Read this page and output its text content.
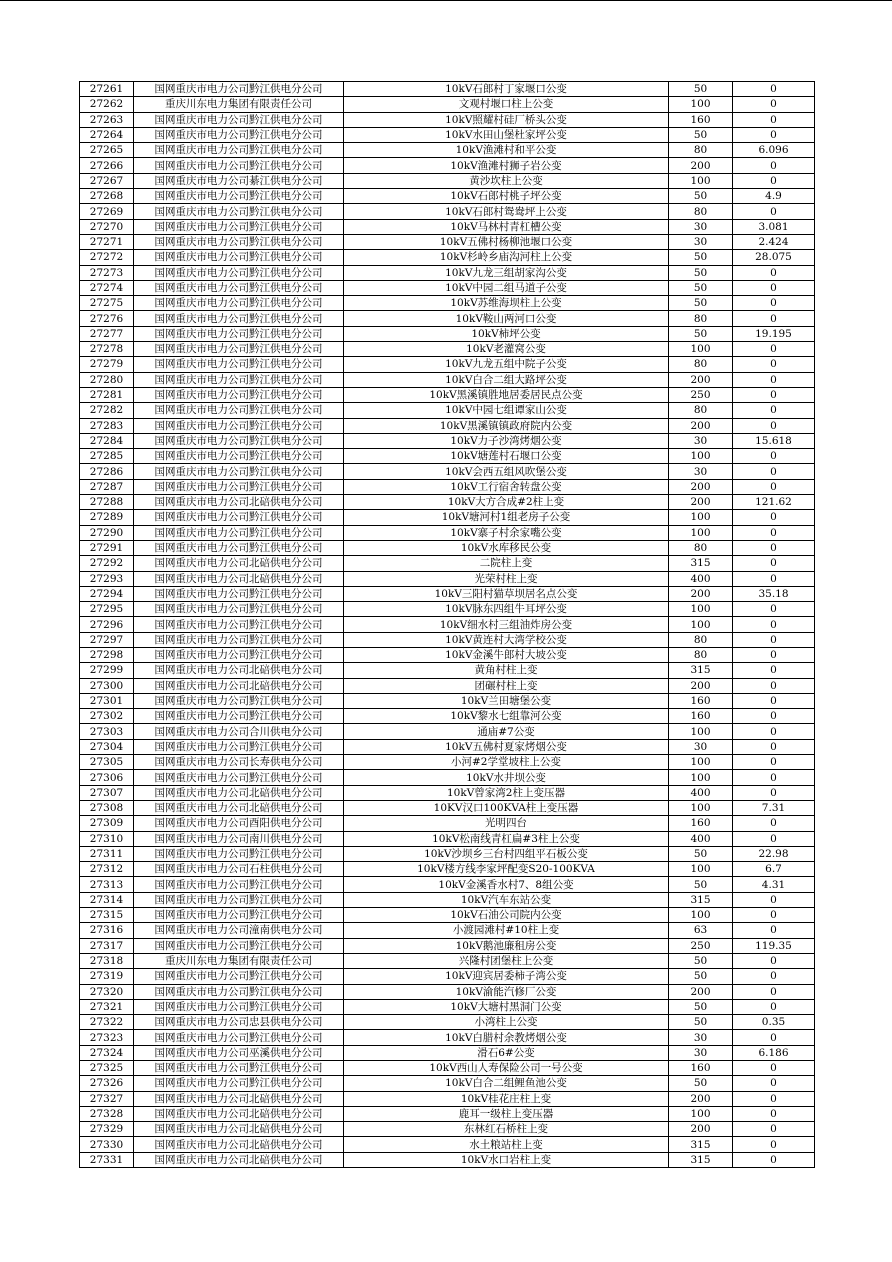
27261	国网重庆市电力公司黔江供电分公司	10kV石郎村丁家堰口公变	50	0
27262	重庆川东电力集团有限责任公司	文观村堰口柱上公变	100	0
27263	国网重庆市电力公司黔江供电分公司	10kV照耀村硅厂桥头公变	160	0
27264	国网重庆市电力公司黔江供电分公司	10kV水田山堡杜家坪公变	50	0
27265	国网重庆市电力公司黔江供电分公司	10kV渔滩村和平公变	80	6.096
27266	国网重庆市电力公司黔江供电分公司	10kV渔滩村狮子岩公变	200	0
27267	国网重庆市电力公司綦江供电分公司	黄沙坎柱上公变	100	0
27268	国网重庆市电力公司黔江供电分公司	10kV石郎村桃子坪公变	50	4.9
27269	国网重庆市电力公司黔江供电分公司	10kV石郎村鸳鸯坪上公变	80	0
27270	国网重庆市电力公司黔江供电分公司	10kV马林村青杠槽公变	30	3.081
27271	国网重庆市电力公司黔江供电分公司	10kV五佛村杨柳池堰口公变	30	2.424
27272	国网重庆市电力公司黔江供电分公司	10kV杉岭乡庙沟河柱上公变	50	28.075
27273	国网重庆市电力公司黔江供电分公司	10kV九龙三组胡家沟公变	50	0
27274	国网重庆市电力公司黔江供电分公司	10kV中园二组马道子公变	50	0
27275	国网重庆市电力公司黔江供电分公司	10kV苏维海坝柱上公变	50	0
27276	国网重庆市电力公司黔江供电分公司	10kV鞍山两河口公变	80	0
27277	国网重庆市电力公司黔江供电分公司	10kV柿坪公变	50	19.195
27278	国网重庆市电力公司黔江供电分公司	10kV老灌窝公变	100	0
27279	国网重庆市电力公司黔江供电分公司	10kV九龙五组中院子公变	80	0
27280	国网重庆市电力公司黔江供电分公司	10kV白合二组大路坪公变	200	0
27281	国网重庆市电力公司黔江供电分公司	10kV黑溪镇胜地居委居民点公变	250	0
27282	国网重庆市电力公司黔江供电分公司	10kV中园七组谭家山公变	80	0
27283	国网重庆市电力公司黔江供电分公司	10kV黑溪镇镇政府院内公变	200	0
27284	国网重庆市电力公司黔江供电分公司	10kV力子沙湾烤烟公变	30	15.618
27285	国网重庆市电力公司黔江供电分公司	10kV塘莲村石堰口公变	100	0
27286	国网重庆市电力公司黔江供电分公司	10kV会西五组风吹堡公变	30	0
27287	国网重庆市电力公司黔江供电分公司	10kV工行宿舍转盘公变	200	0
27288	国网重庆市电力公司北碚供电分公司	10kV大方合成#2柱上变	200	121.62
27289	国网重庆市电力公司黔江供电分公司	10kV塘河村1组老房子公变	100	0
27290	国网重庆市电力公司黔江供电分公司	10kV寨子村余家嘴公变	100	0
27291	国网重庆市电力公司黔江供电分公司	10kV水库移民公变	80	0
27292	国网重庆市电力公司北碚供电分公司	二院柱上变	315	0
27293	国网重庆市电力公司北碚供电分公司	光荣村柱上变	400	0
27294	国网重庆市电力公司黔江供电分公司	10kV三阳村猫草坝居名点公变	200	35.18
27295	国网重庆市电力公司黔江供电分公司	10kV脉东四组牛耳坪公变	100	0
27296	国网重庆市电力公司黔江供电分公司	10kV细水村三组油炸房公变	100	0
27297	国网重庆市电力公司黔江供电分公司	10kV黄连村大湾学校公变	80	0
27298	国网重庆市电力公司黔江供电分公司	10kV金溪牛郎村大坡公变	80	0
27299	国网重庆市电力公司北碚供电分公司	黄角村柱上变	315	0
27300	国网重庆市电力公司北碚供电分公司	团碾村柱上变	200	0
27301	国网重庆市电力公司黔江供电分公司	10kV兰田塘堡公变	160	0
27302	国网重庆市电力公司黔江供电分公司	10kV黎水七组靠河公变	160	0
27303	国网重庆市电力公司合川供电分公司	通庙#7公变	100	0
27304	国网重庆市电力公司黔江供电分公司	10kV五佛村夏家烤烟公变	30	0
27305	国网重庆市电力公司长寿供电分公司	小河#2学堂坡柱上公变	100	0
27306	国网重庆市电力公司黔江供电分公司	10kV水井坝公变	100	0
27307	国网重庆市电力公司北碚供电分公司	10kV曾家湾2柱上变压器	400	0
27308	国网重庆市电力公司北碚供电分公司	10KV汉口100KVA柱上变压器	100	7.31
27309	国网重庆市电力公司酉阳供电分公司	光明四台	160	0
27310	国网重庆市电力公司南川供电分公司	10kV松南线青杠扁#3柱上公变	400	0
27311	国网重庆市电力公司黔江供电分公司	10kV沙坝乡三台村四组平石板公变	50	22.98
27312	国网重庆市电力公司石柱供电分公司	10kV楼方线李家坪配变S20-100KVA	100	6.7
27313	国网重庆市电力公司黔江供电分公司	10kV金溪香水村7、8组公变	50	4.31
27314	国网重庆市电力公司黔江供电分公司	10kV汽车东站公变	315	0
27315	国网重庆市电力公司黔江供电分公司	10kV石油公司院内公变	100	0
27316	国网重庆市电力公司潼南供电分公司	小渡园滩村#10柱上变	63	0
27317	国网重庆市电力公司黔江供电分公司	10kV鹅池廉租房公变	250	119.35
27318	重庆川东电力集团有限责任公司	兴隆村团堡柱上公变	50	0
27319	国网重庆市电力公司黔江供电分公司	10kV迎宾居委柿子湾公变	50	0
27320	国网重庆市电力公司黔江供电分公司	10kV渝能汽修厂公变	200	0
27321	国网重庆市电力公司黔江供电分公司	10kV大塘村黑洞门公变	50	0
27322	国网重庆市电力公司忠县供电分公司	小湾柱上公变	50	0.35
27323	国网重庆市电力公司黔江供电分公司	10kV白腊村余教烤烟公变	30	0
27324	国网重庆市电力公司巫溪供电分公司	滑石6#公变	30	6.186
27325	国网重庆市电力公司黔江供电分公司	10kV西山人寿保险公司一号公变	160	0
27326	国网重庆市电力公司黔江供电分公司	10kV白合二组鲤鱼池公变	50	0
27327	国网重庆市电力公司北碚供电分公司	10kV桂花庄柱上变	200	0
27328	国网重庆市电力公司北碚供电分公司	鹿耳一级柱上变压器	100	0
27329	国网重庆市电力公司北碚供电分公司	东林红石桥柱上变	200	0
27330	国网重庆市电力公司北碚供电分公司	水土粮站柱上变	315	0
27331	国网重庆市电力公司北碚供电分公司	10kV水口岩柱上变	315	0
